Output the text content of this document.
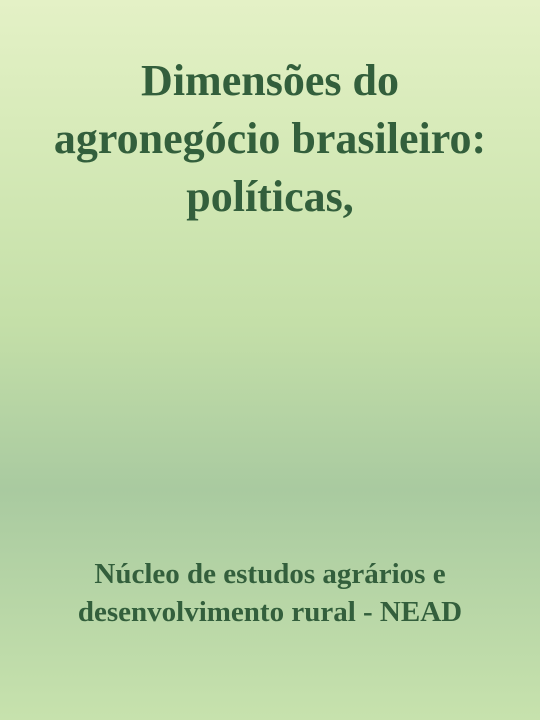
Dimensões do agronegócio brasileiro: políticas,

Núcleo de estudos agrários e desenvolvimento rural - NEAD
